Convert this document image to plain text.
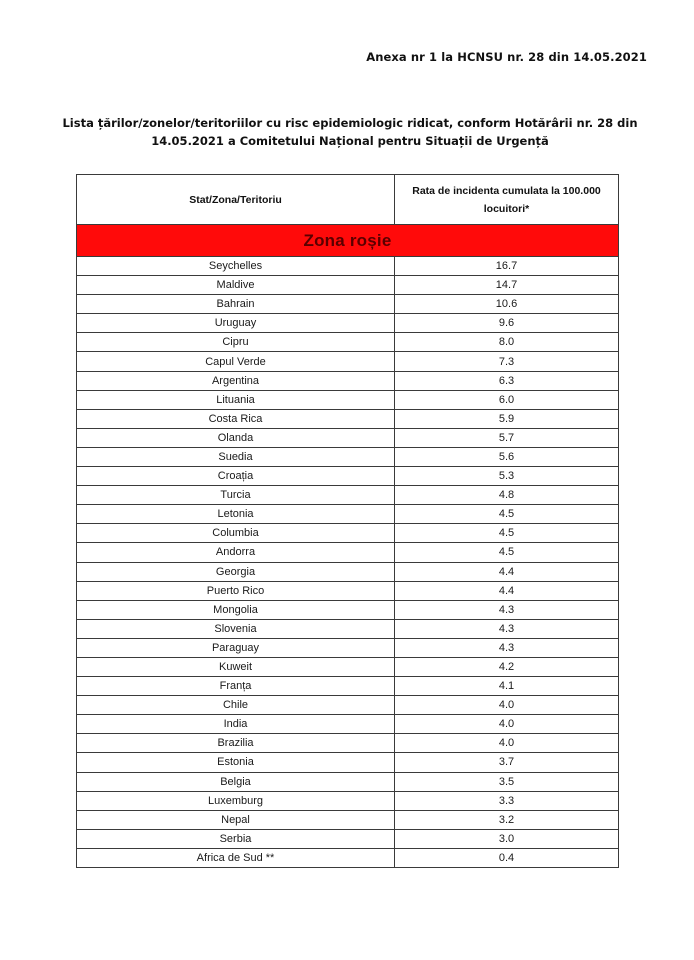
Anexa nr 1 la HCNSU nr. 28 din 14.05.2021
Lista țărilor/zonelor/teritoriilor cu risc epidemiologic ridicat, conform Hotărârii nr. 28 din 14.05.2021 a Comitetului Național pentru Situații de Urgență
Stat/Zona/Teritoriu	Rata de incidenta cumulata la 100.000 locuitori*
Zona roșie	
Seychelles	16.7
Maldive	14.7
Bahrain	10.6
Uruguay	9.6
Cipru	8.0
Capul Verde	7.3
Argentina	6.3
Lituania	6.0
Costa Rica	5.9
Olanda	5.7
Suedia	5.6
Croația	5.3
Turcia	4.8
Letonia	4.5
Columbia	4.5
Andorra	4.5
Georgia	4.4
Puerto Rico	4.4
Mongolia	4.3
Slovenia	4.3
Paraguay	4.3
Kuweit	4.2
Franța	4.1
Chile	4.0
India	4.0
Brazilia	4.0
Estonia	3.7
Belgia	3.5
Luxemburg	3.3
Nepal	3.2
Serbia	3.0
Africa de Sud **	0.4
